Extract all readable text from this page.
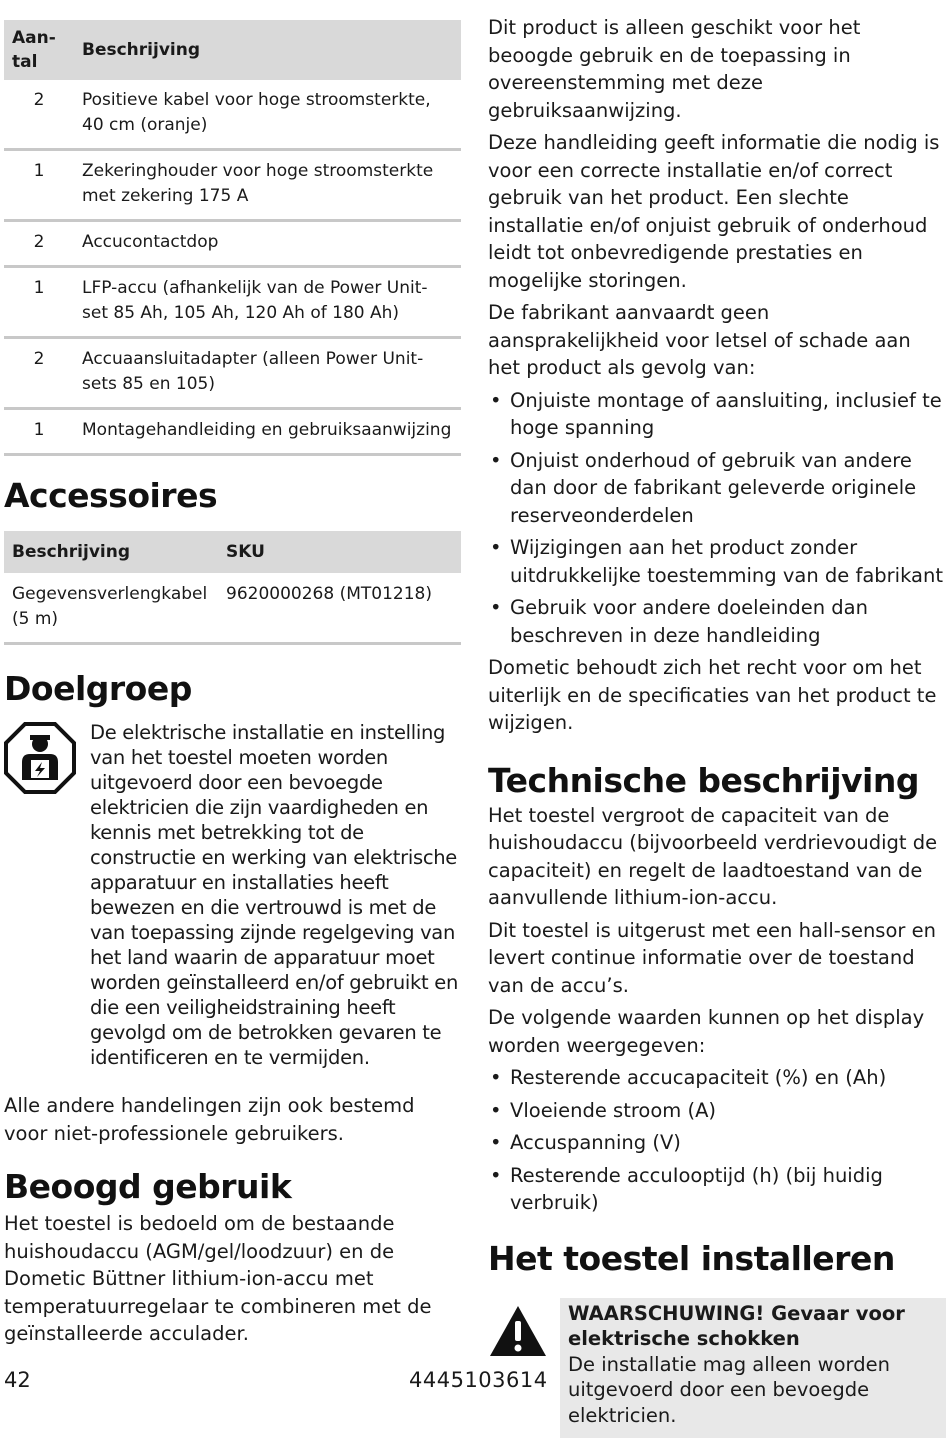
Aan-
tal	Beschrijving
2	Positieve kabel voor hoge stroomsterkte, 40 cm (oranje)
1	Zekeringhouder voor hoge stroomsterkte met zekering 175 A
2	Accucontactdop
1	LFP-accu (afhankelijk van de Power Unit-set 85 Ah, 105 Ah, 120 Ah of 180 Ah)
2	Accuaansluitadapter (alleen Power Unit-sets 85 en 105)
1	Montagehandleiding en gebruiksaanwijzing
Accessoires
Beschrijving	SKU
Gegevensverlengkabel (5 m)	9620000268 (MT01218)
Doelgroep
De elektrische installatie en instelling van het toestel moeten worden uitgevoerd door een bevoegde elektricien die zijn vaardigheden en kennis met betrekking tot de constructie en werking van elektrische apparatuur en installaties heeft bewezen en die vertrouwd is met de van toepassing zijnde regelgeving van het land waarin de apparatuur moet worden geïnstalleerd en/of gebruikt en die een veiligheidstraining heeft gevolgd om de betrokken gevaren te identificeren en te vermijden.

Alle andere handelingen zijn ook bestemd voor niet-professionele gebruikers.

Beoogd gebruik

Het toestel is bedoeld om de bestaande huishoudaccu (AGM/gel/loodzuur) en de Dometic Büttner lithium-ion-accu met temperatuurregelaar te combineren met de geïnstalleerde acculader.

Dit product is alleen geschikt voor het beoogde gebruik en de toepassing in overeenstemming met deze gebruiksaanwijzing.

Deze handleiding geeft informatie die nodig is voor een correcte installatie en/of correct gebruik van het product. Een slechte installatie en/of onjuist gebruik of onderhoud leidt tot onbevredigende prestaties en mogelijke storingen.

De fabrikant aanvaardt geen aansprakelijkheid voor letsel of schade aan het product als gevolg van:

• Onjuiste montage of aansluiting, inclusief te hoge spanning
• Onjuist onderhoud of gebruik van andere dan door de fabrikant geleverde originele reserveonderdelen
• Wijzigingen aan het product zonder uitdrukkelijke toestemming van de fabrikant
• Gebruik voor andere doeleinden dan beschreven in deze handleiding

Dometic behoudt zich het recht voor om het uiterlijk en de specificaties van het product te wijzigen.

Technische beschrijving

Het toestel vergroot de capaciteit van de huishoudaccu (bijvoorbeeld verdrievoudigt de capaciteit) en regelt de laadtoestand van de aanvullende lithium-ion-accu.

Dit toestel is uitgerust met een hall-sensor en levert continue informatie over de toestand van de accu’s.

De volgende waarden kunnen op het display worden weergegeven:

• Resterende accucapaciteit (%) en (Ah)
• Vloeiende stroom (A)
• Accuspanning (V)
• Resterende accuIooptijd (h) (bij huidig verbruik)
Het toestel installeren
WAARSCHUWING! Gevaar voor elektrische schokken
De installatie mag alleen worden uitgevoerd door een bevoegde elektricien.
42	4445103614
